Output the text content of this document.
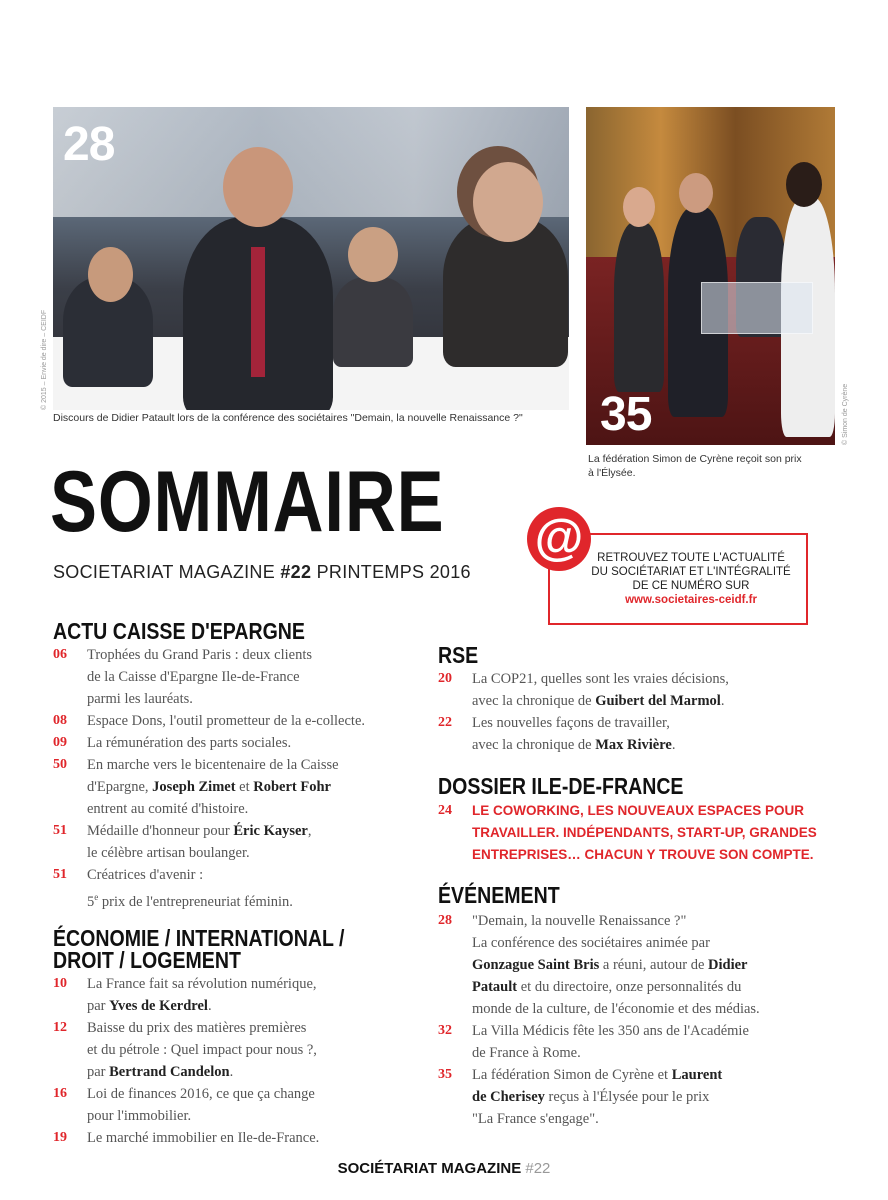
28
© 2015 – Envie de dire – CEIDF
Discours de Didier Patault lors de la conférence des sociétaires "Demain, la nouvelle Renaissance ?" 35	© Simon de Cyrène
La fédération Simon de Cyrène reçoit son prix
à l'Élysée.
SOMMAIRE
SOCIETARIAT MAGAZINE #22 PRINTEMPS 2016
@	RETROUVEZ TOUTE L'ACTUALITÉ
DU SOCIÉTARIAT ET L'INTÉGRALITÉ
DE CE NUMÉRO SUR
www.societaires-ceidf.fr
ACTU CAISSE D'EPARGNE
06 Trophées du Grand Paris : deux clients
de la Caisse d'Epargne Ile-de-France
parmi les lauréats.
08 Espace Dons, l'outil prometteur de la e-collecte.
09 La rémunération des parts sociales.
50 En marche vers le bicentenaire de la Caisse
d'Epargne, Joseph Zimet et Robert Fohr
entrent au comité d'histoire.
51 Médaille d'honneur pour Éric Kayser,
le célèbre artisan boulanger.
51 Créatrices d'avenir :
5e prix de l'entrepreneuriat féminin.
ÉCONOMIE / INTERNATIONAL /
DROIT / LOGEMENT
10 La France fait sa révolution numérique,
par Yves de Kerdrel.
12 Baisse du prix des matières premières
et du pétrole : Quel impact pour nous ?,
par Bertrand Candelon.
16 Loi de finances 2016, ce que ça change
pour l'immobilier.
19 Le marché immobilier en Ile-de-France.
RSE
20 La COP21, quelles sont les vraies décisions,
avec la chronique de Guibert del Marmol.
22 Les nouvelles façons de travailler,
avec la chronique de Max Rivière.
DOSSIER ILE-DE-FRANCE
24 LE COWORKING, LES NOUVEAUX ESPACES POUR
TRAVAILLER. INDÉPENDANTS, START-UP, GRANDES
ENTREPRISES… CHACUN Y TROUVE SON COMPTE.
ÉVÉNEMENT
28 "Demain, la nouvelle Renaissance ?"
La conférence des sociétaires animée par
Gonzague Saint Bris a réuni, autour de Didier
Patault et du directoire, onze personnalités du
monde de la culture, de l'économie et des médias.
32 La Villa Médicis fête les 350 ans de l'Académie
de France à Rome.
35 La fédération Simon de Cyrène et Laurent
de Cherisey reçus à l'Élysée pour le prix
"La France s'engage".
SOCIÉTARIAT MAGAZINE #22
